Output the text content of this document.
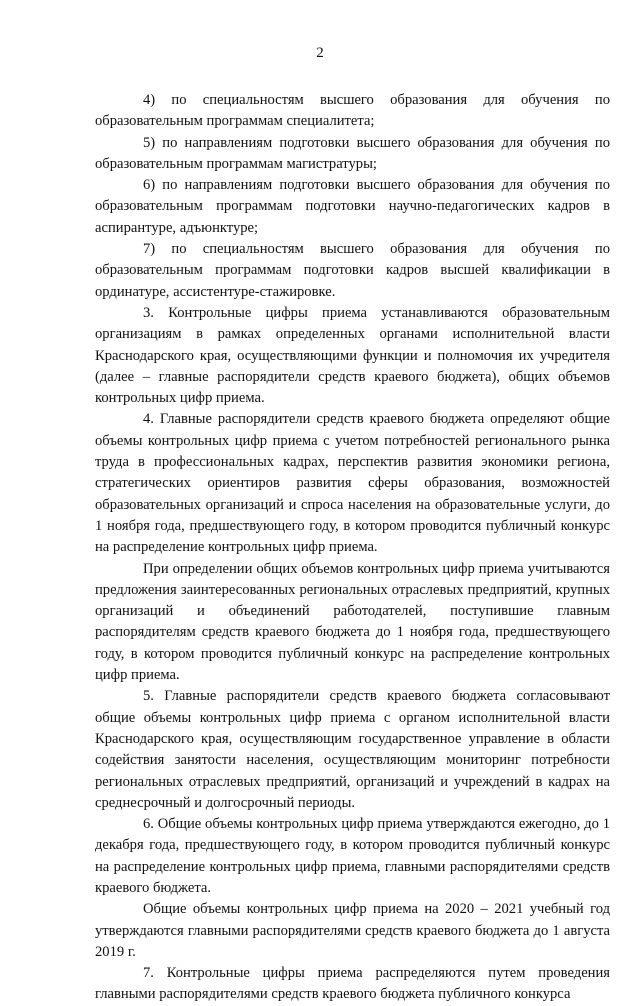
2

4) по специальностям высшего образования для обучения по образовательным программам специалитета;

5) по направлениям подготовки высшего образования для обучения по образовательным программам магистратуры;

6) по направлениям подготовки высшего образования для обучения по образовательным программам подготовки научно-педагогических кадров в аспирантуре, адъюнктуре;

7) по специальностям высшего образования для обучения по образовательным программам подготовки кадров высшей квалификации в ординатуре, ассистентуре-стажировке.

3. Контрольные цифры приема устанавливаются образовательным организациям в рамках определенных органами исполнительной власти Краснодарского края, осуществляющими функции и полномочия их учредителя (далее – главные распорядители средств краевого бюджета), общих объемов контрольных цифр приема.

4. Главные распорядители средств краевого бюджета определяют общие объемы контрольных цифр приема с учетом потребностей регионального рынка труда в профессиональных кадрах, перспектив развития экономики региона, стратегических ориентиров развития сферы образования, возможностей образовательных организаций и спроса населения на образовательные услуги, до 1 ноября года, предшествующего году, в котором проводится публичный конкурс на распределение контрольных цифр приема.

При определении общих объемов контрольных цифр приема учитываются предложения заинтересованных региональных отраслевых предприятий, крупных организаций и объединений работодателей, поступившие главным распорядителям средств краевого бюджета до 1 ноября года, предшествующего году, в котором проводится публичный конкурс на распределение контрольных цифр приема.

5. Главные распорядители средств краевого бюджета согласовывают общие объемы контрольных цифр приема с органом исполнительной власти Краснодарского края, осуществляющим государственное управление в области содействия занятости населения, осуществляющим мониторинг потребности региональных отраслевых предприятий, организаций и учреждений в кадрах на среднесрочный и долгосрочный периоды.

6. Общие объемы контрольных цифр приема утверждаются ежегодно, до 1 декабря года, предшествующего году, в котором проводится публичный конкурс на распределение контрольных цифр приема, главными распорядителями средств краевого бюджета.

Общие объемы контрольных цифр приема на 2020 – 2021 учебный год утверждаются главными распорядителями средств краевого бюджета до 1 августа 2019 г.

7. Контрольные цифры приема распределяются путем проведения главными распорядителями средств краевого бюджета публичного конкурса
